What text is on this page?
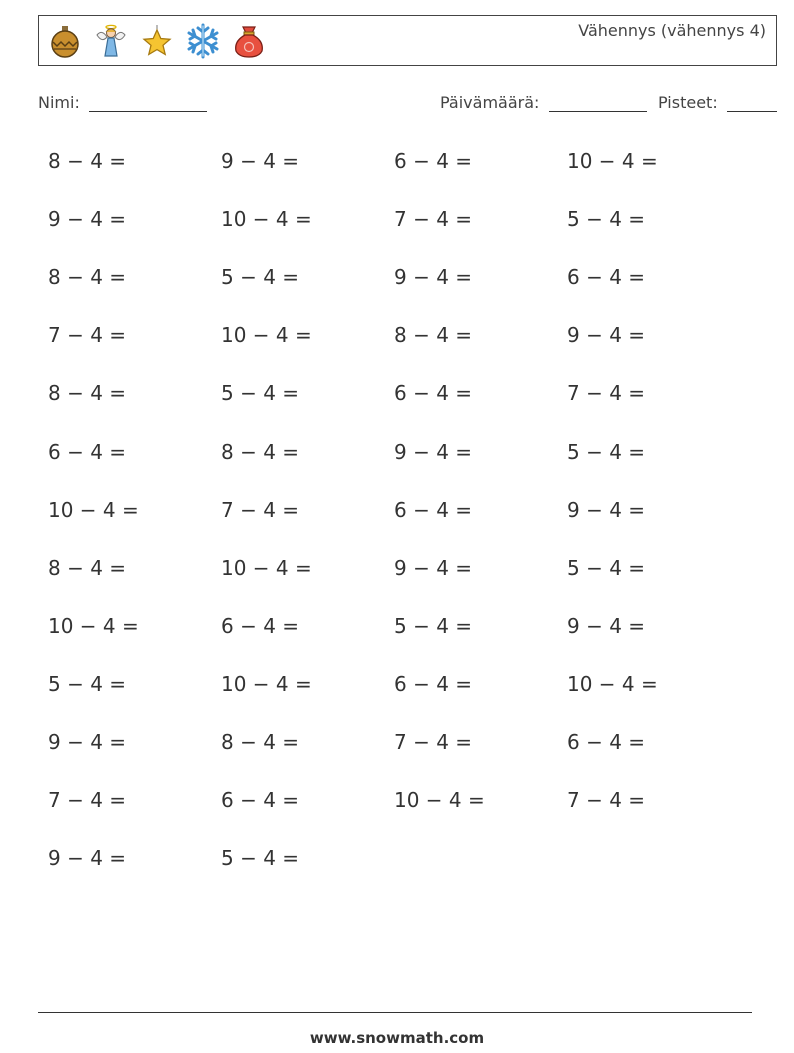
Vähennys (vähennys 4)
Nimi:	Päivämäärä:	Pisteet:
8 − 4 =	9 − 4 =	6 − 4 =	10 − 4 =
9 − 4 =	10 − 4 =	7 − 4 =	5 − 4 =
8 − 4 =	5 − 4 =	9 − 4 =	6 − 4 =
7 − 4 =	10 − 4 =	8 − 4 =	9 − 4 =
8 − 4 =	5 − 4 =	6 − 4 =	7 − 4 =
6 − 4 =	8 − 4 =	9 − 4 =	5 − 4 =
10 − 4 =	7 − 4 =	6 − 4 =	9 − 4 =
8 − 4 =	10 − 4 =	9 − 4 =	5 − 4 =
10 − 4 =	6 − 4 =	5 − 4 =	9 − 4 =
5 − 4 =	10 − 4 =	6 − 4 =	10 − 4 =
9 − 4 =	8 − 4 =	7 − 4 =	6 − 4 =
7 − 4 =	6 − 4 =	10 − 4 =	7 − 4 =
9 − 4 =	5 − 4 =
www.snowmath.com
